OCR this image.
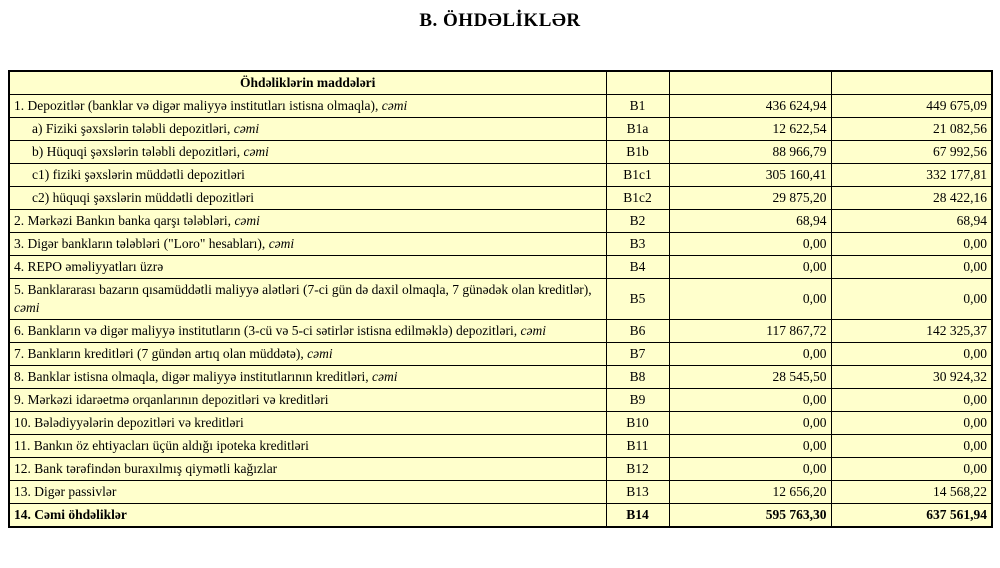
B. ÖHDƏLİKLƏR
Öhdəliklərin maddələri			
1. Depozitlər (banklar və digər maliyyə institutları istisna olmaqla), cəmi	B1	436 624,94	449 675,09
a) Fiziki şəxslərin tələbli depozitləri, cəmi	B1a	12 622,54	21 082,56
b) Hüquqi şəxslərin tələbli depozitləri, cəmi	B1b	88 966,79	67 992,56
c1) fiziki şəxslərin müddətli depozitləri	B1c1	305 160,41	332 177,81
c2) hüquqi şəxslərin müddətli depozitləri	B1c2	29 875,20	28 422,16
2. Mərkəzi Bankın banka qarşı tələbləri, cəmi	B2	68,94	68,94
3. Digər bankların tələbləri ("Loro" hesabları), cəmi	B3	0,00	0,00
4. REPO əməliyyatları üzrə	B4	0,00	0,00
5. Banklararası bazarın qısamüddətli maliyyə alətləri (7-ci gün də daxil olmaqla, 7 günədək olan kreditlər), cəmi	B5	0,00	0,00
6. Bankların və digər maliyyə institutların (3-cü və 5-ci sətirlər istisna edilməklə) depozitləri, cəmi	B6	117 867,72	142 325,37
7. Bankların kreditləri (7 gündən artıq olan müddətə), cəmi	B7	0,00	0,00
8. Banklar istisna olmaqla, digər maliyyə institutlarının kreditləri, cəmi	B8	28 545,50	30 924,32
9. Mərkəzi idarəetmə orqanlarının depozitləri və kreditləri	B9	0,00	0,00
10. Bələdiyyələrin depozitləri və kreditləri	B10	0,00	0,00
11. Bankın öz ehtiyacları üçün aldığı ipoteka kreditləri	B11	0,00	0,00
12. Bank tərəfindən buraxılmış qiymətli kağızlar	B12	0,00	0,00
13. Digər passivlər	B13	12 656,20	14 568,22
14. Cəmi öhdəliklər	B14	595 763,30	637 561,94
